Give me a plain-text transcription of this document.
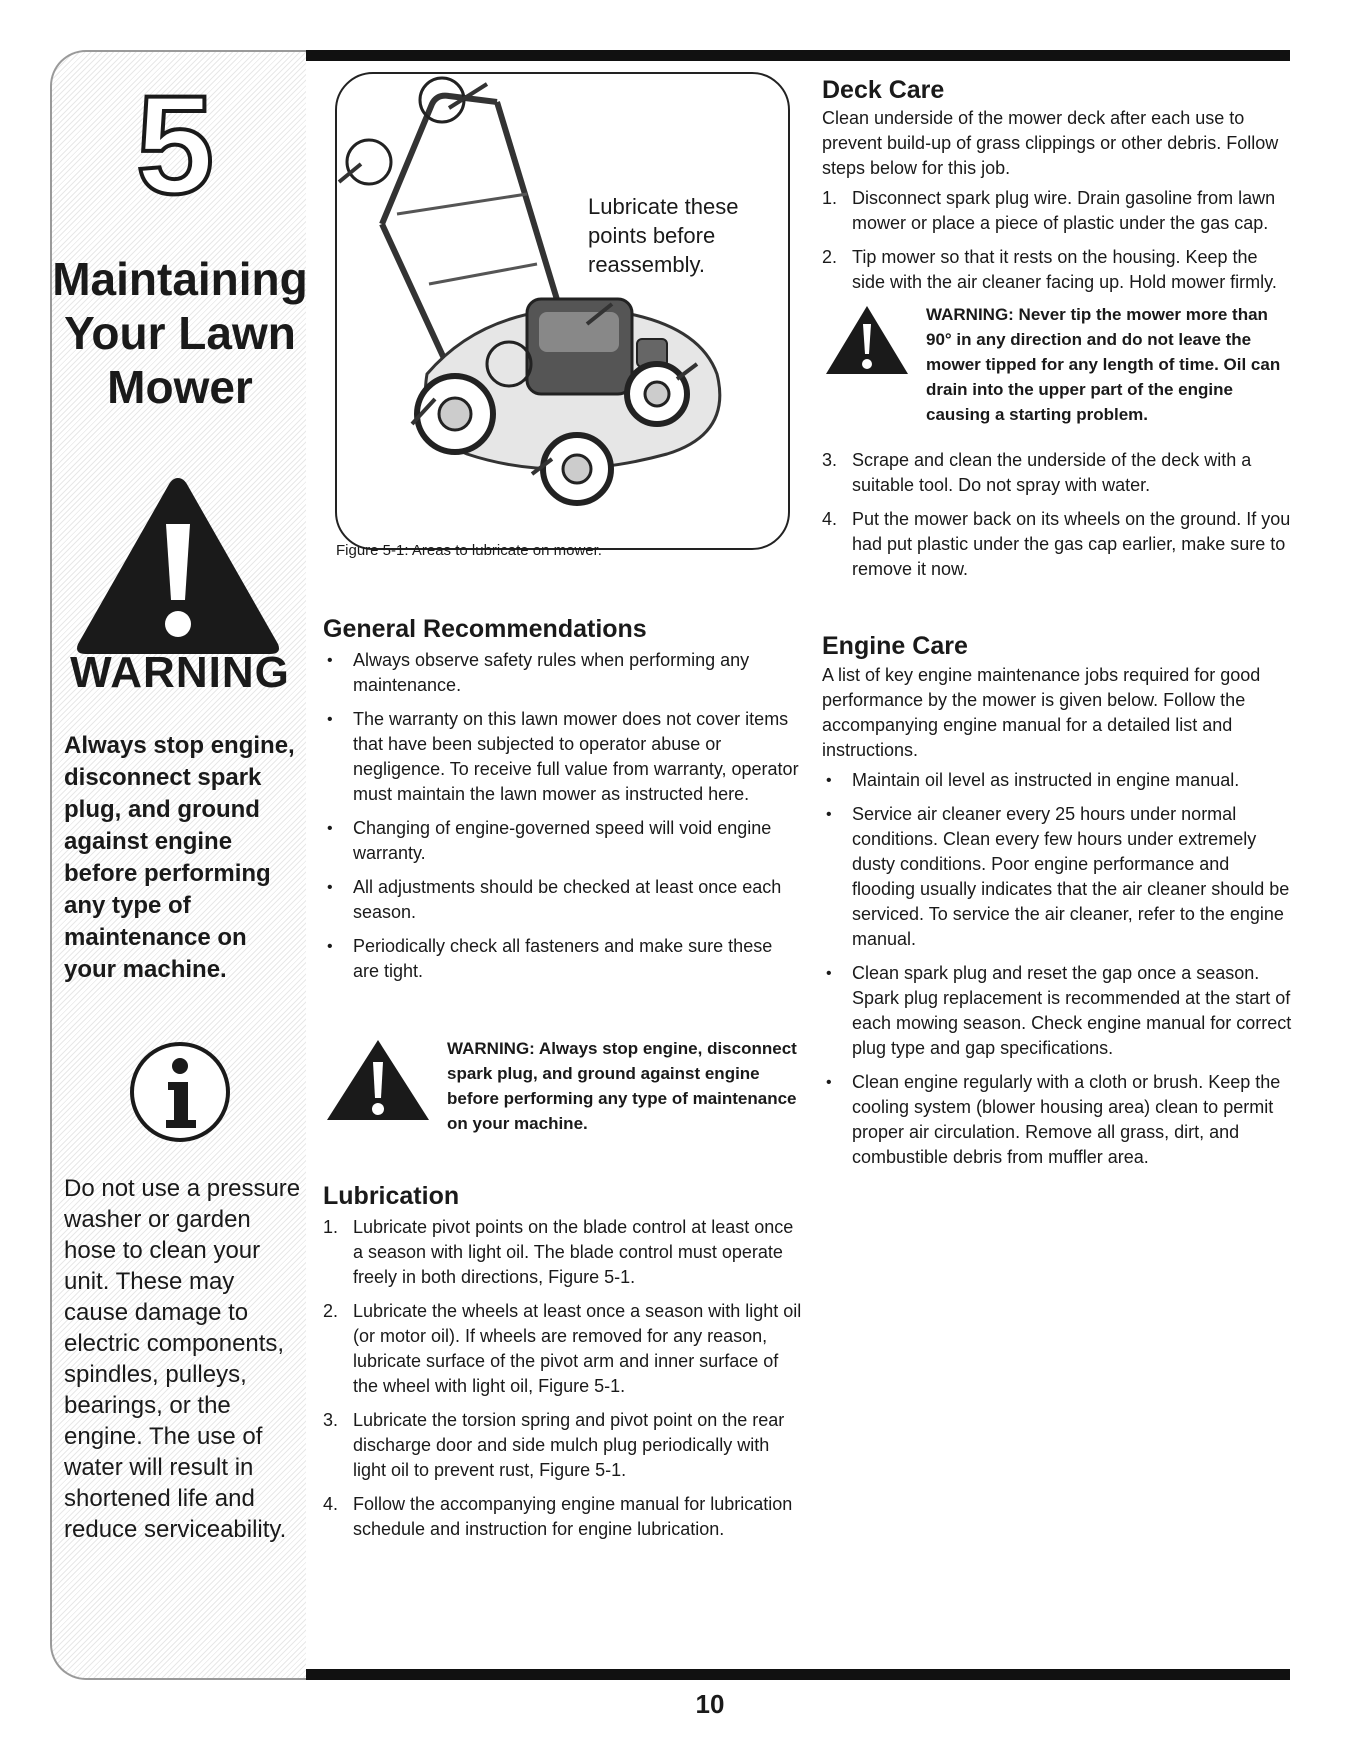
5
Maintaining
Your Lawn
Mower
WARNING
Always stop engine, disconnect spark plug, and ground against engine before performing any type of maintenance on your machine.
Do not use a pressure washer or garden hose to clean your unit. These may cause damage to electric components, spindles, pulleys, bearings, or the engine. The use of water will result in shortened life and reduce serviceability.
Lubricate these points before reassembly.
Figure 5-1: Areas to lubricate on mower.
General Recommendations
• Always observe safety rules when performing any maintenance.
• The warranty on this lawn mower does not cover items that have been subjected to operator abuse or negligence. To receive full value from warranty, operator must maintain the lawn mower as instructed here.
• Changing of engine-governed speed will void engine warranty.
• All adjustments should be checked at least once each season.
• Periodically check all fasteners and make sure these are tight.
WARNING: Always stop engine, disconnect spark plug, and ground against engine before performing any type of maintenance on your machine.
Lubrication
1. Lubricate pivot points on the blade control at least once a season with light oil. The blade control must operate freely in both directions, Figure 5-1.
2. Lubricate the wheels at least once a season with light oil (or motor oil). If wheels are removed for any reason, lubricate surface of the pivot arm and inner surface of the wheel with light oil, Figure 5-1.
3. Lubricate the torsion spring and pivot point on the rear discharge door and side mulch plug periodically with light oil to prevent rust, Figure 5-1.
4. Follow the accompanying engine manual for lubrication schedule and instruction for engine lubrication.
Deck Care
Clean underside of the mower deck after each use to prevent build-up of grass clippings or other debris. Follow steps below for this job.
1. Disconnect spark plug wire. Drain gasoline from lawn mower or place a piece of plastic under the gas cap.
2. Tip mower so that it rests on the housing. Keep the side with the air cleaner facing up. Hold mower firmly.
WARNING: Never tip the mower more than 90° in any direction and do not leave the mower tipped for any length of time. Oil can drain into the upper part of the engine causing a starting problem.
3. Scrape and clean the underside of the deck with a suitable tool. Do not spray with water.
4. Put the mower back on its wheels on the ground. If you had put plastic under the gas cap earlier, make sure to remove it now.
Engine Care
A list of key engine maintenance jobs required for good performance by the mower is given below. Follow the accompanying engine manual for a detailed list and instructions.
• Maintain oil level as instructed in engine manual.
• Service air cleaner every 25 hours under normal conditions. Clean every few hours under extremely dusty conditions. Poor engine performance and flooding usually indicates that the air cleaner should be serviced. To service the air cleaner, refer to the engine manual.
• Clean spark plug and reset the gap once a season. Spark plug replacement is recommended at the start of each mowing season. Check engine manual for correct plug type and gap specifications.
• Clean engine regularly with a cloth or brush. Keep the cooling system (blower housing area) clean to permit proper air circulation. Remove all grass, dirt, and combustible debris from muffler area.
10
